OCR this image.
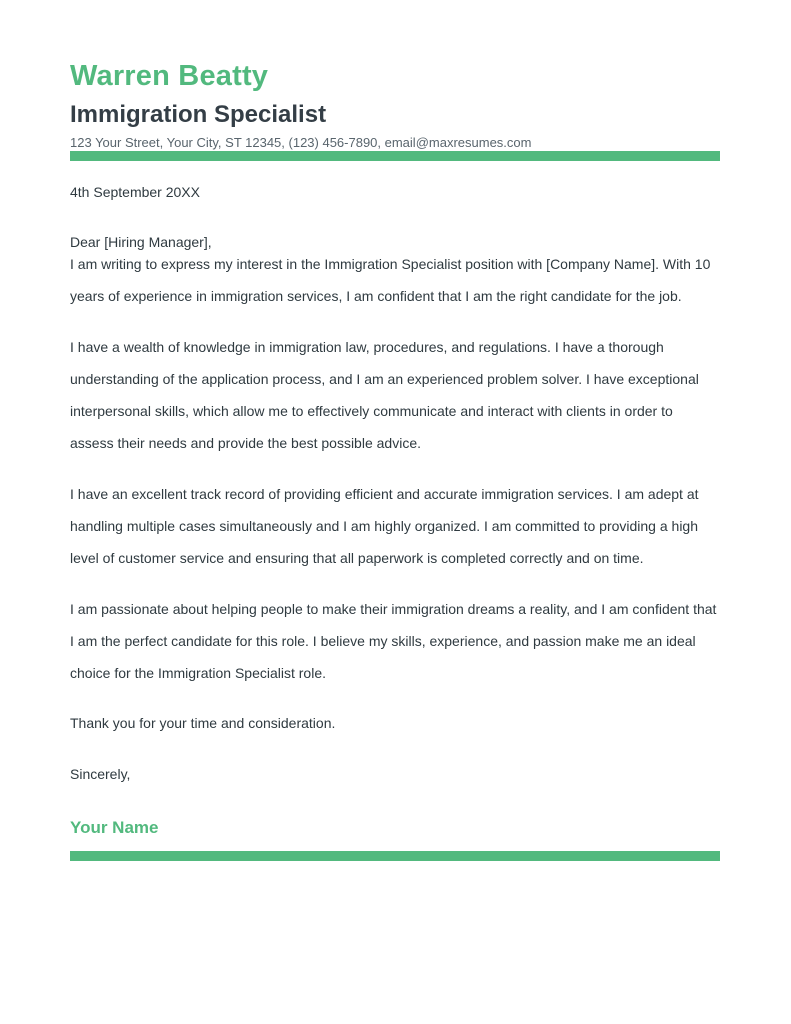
Warren Beatty
Immigration Specialist
123 Your Street, Your City, ST 12345, (123) 456-7890, email@maxresumes.com
4th September 20XX
Dear [Hiring Manager],

I am writing to express my interest in the Immigration Specialist position with [Company Name]. With 10 years of experience in immigration services, I am confident that I am the right candidate for the job.

I have a wealth of knowledge in immigration law, procedures, and regulations. I have a thorough understanding of the application process, and I am an experienced problem solver. I have exceptional interpersonal skills, which allow me to effectively communicate and interact with clients in order to assess their needs and provide the best possible advice.

I have an excellent track record of providing efficient and accurate immigration services. I am adept at handling multiple cases simultaneously and I am highly organized. I am committed to providing a high level of customer service and ensuring that all paperwork is completed correctly and on time.

I am passionate about helping people to make their immigration dreams a reality, and I am confident that I am the perfect candidate for this role. I believe my skills, experience, and passion make me an ideal choice for the Immigration Specialist role.

Thank you for your time and consideration.
Sincerely,
Your Name
